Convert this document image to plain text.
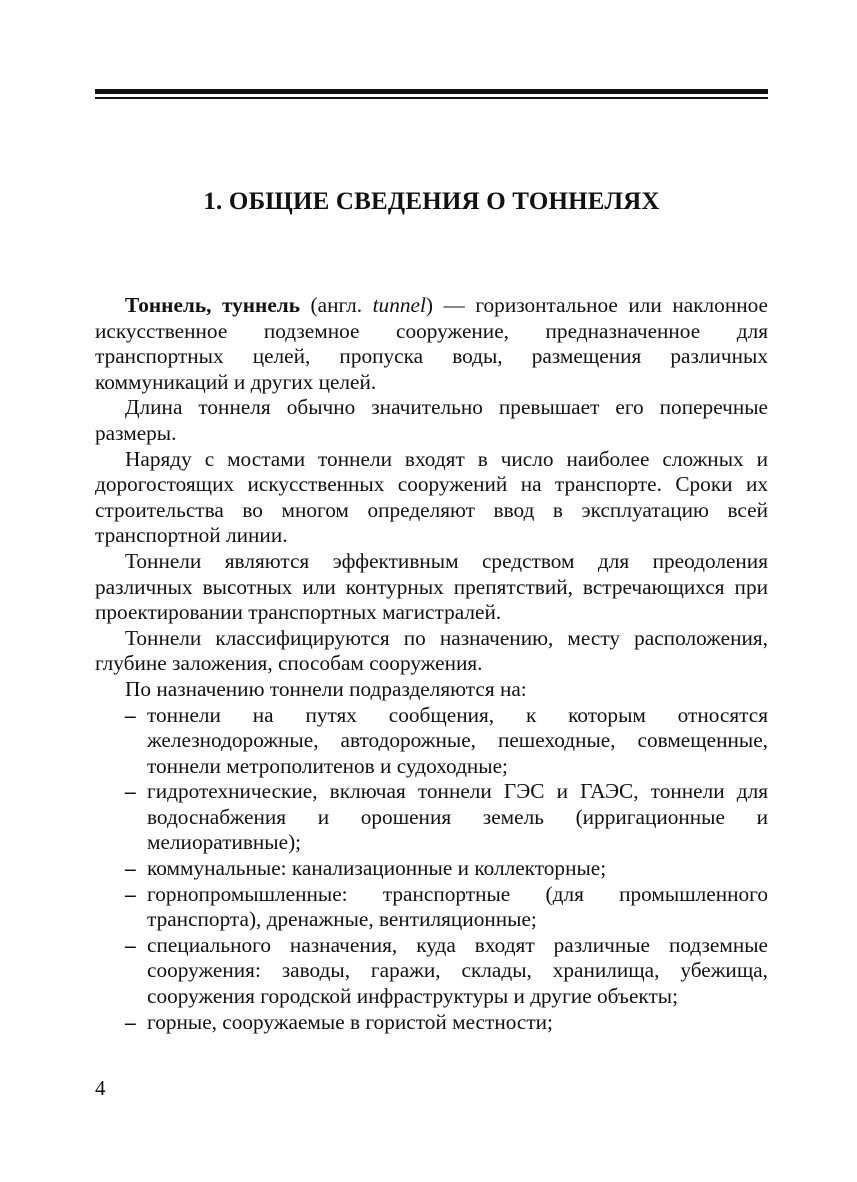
1. ОБЩИЕ СВЕДЕНИЯ О ТОННЕЛЯХ

Тоннель, туннель (англ. tunnel) — горизонтальное или наклонное искусственное подземное сооружение, предназначенное для транспортных целей, пропуска воды, размещения различных коммуникаций и других целей.

Длина тоннеля обычно значительно превышает его поперечные размеры.

Наряду с мостами тоннели входят в число наиболее сложных и дорогостоящих искусственных сооружений на транспорте. Сроки их строительства во многом определяют ввод в эксплуатацию всей транспортной линии.

Тоннели являются эффективным средством для преодоления различных высотных или контурных препятствий, встречающихся при проектировании транспортных магистралей.

Тоннели классифицируются по назначению, месту расположения, глубине заложения, способам сооружения.

По назначению тоннели подразделяются на:

– тоннели на путях сообщения, к которым относятся железнодорожные, автодорожные, пешеходные, совмещенные, тоннели метрополитенов и судоходные;
– гидротехнические, включая тоннели ГЭС и ГАЭС, тоннели для водоснабжения и орошения земель (ирригационные и мелиоративные);
– коммунальные: канализационные и коллекторные;
– горнопромышленные: транспортные (для промышленного транспорта), дренажные, вентиляционные;
– специального назначения, куда входят различные подземные сооружения: заводы, гаражи, склады, хранилища, убежища, сооружения городской инфраструктуры и другие объекты;
– горные, сооружаемые в гористой местности;
4
